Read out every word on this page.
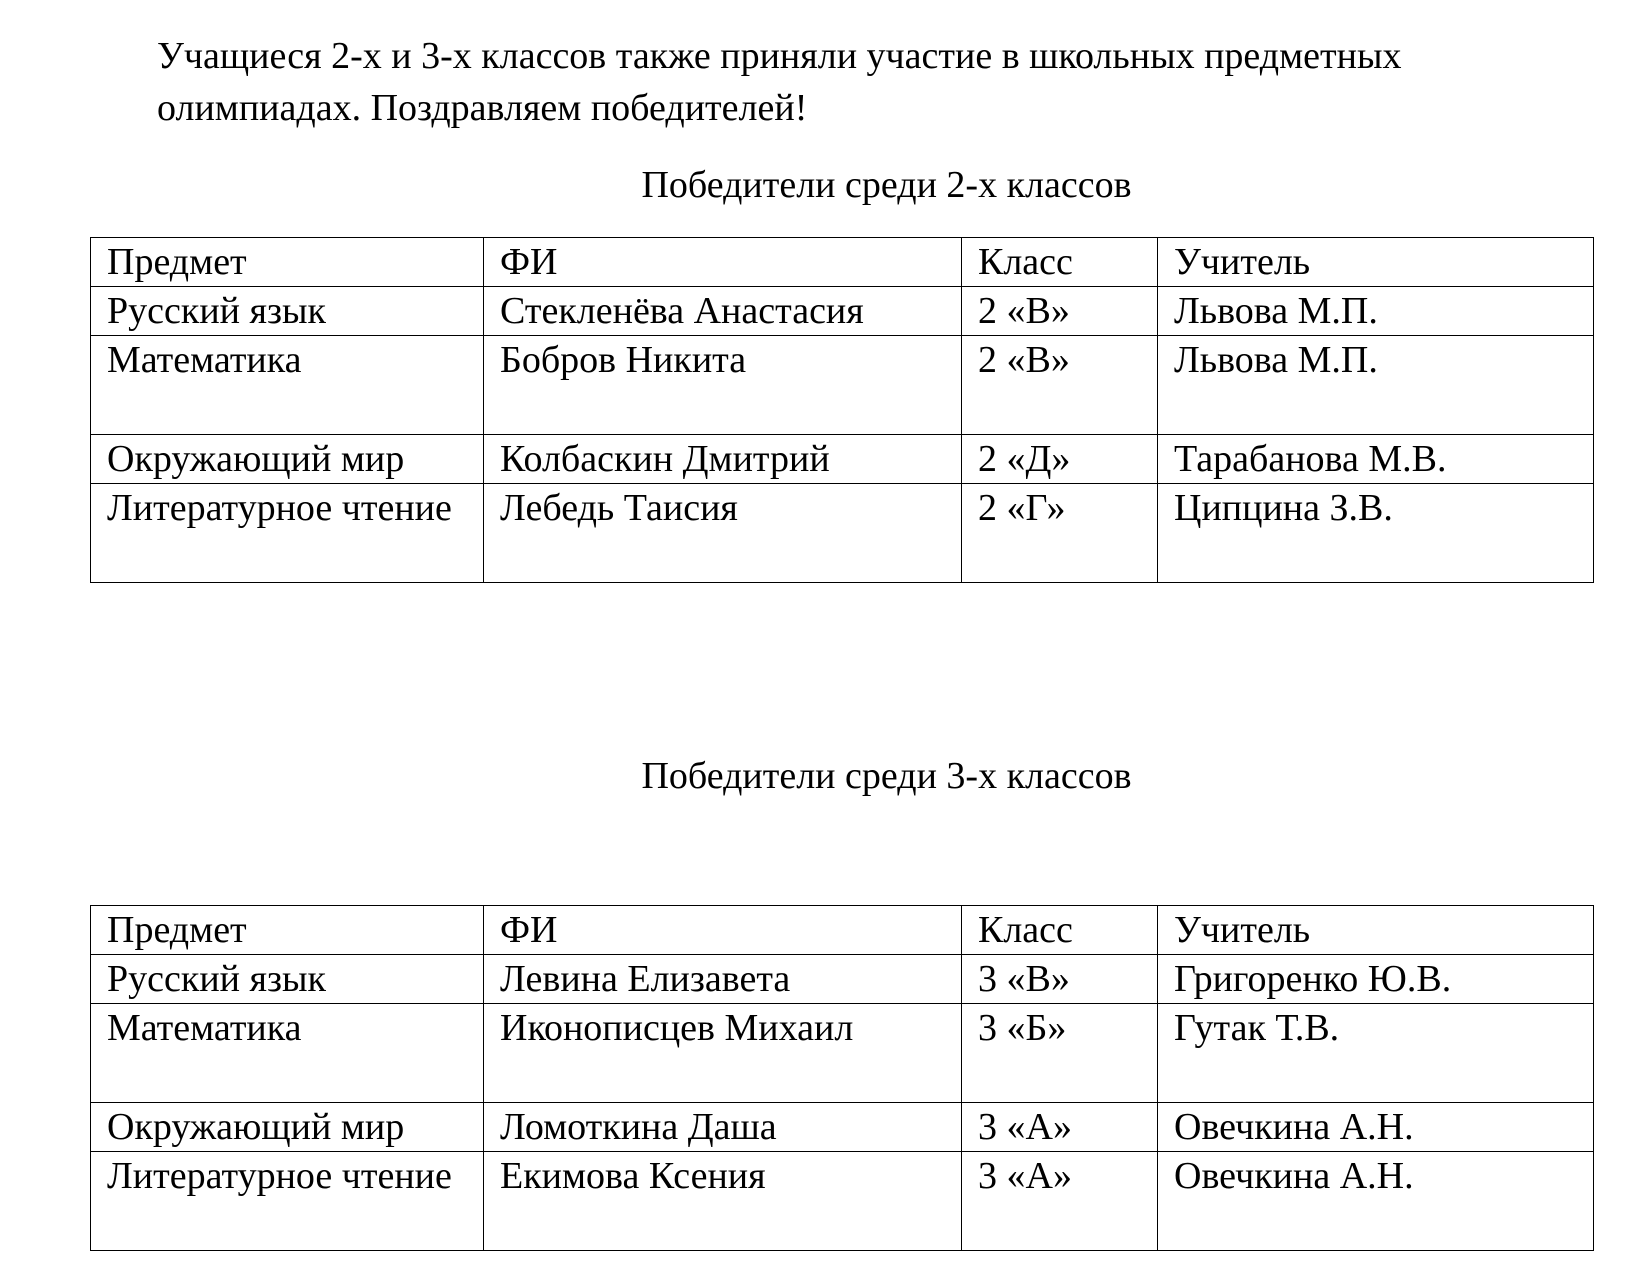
Учащиеся 2-х и 3-х классов также приняли участие в школьных предметных олимпиадах. Поздравляем победителей!

Победители среди 2-х классов

Предмет	ФИ	Класс	Учитель
Русский язык	Стекленёва Анастасия	2 «В»	Львова М.П.
Математика	Бобров Никита	2 «В»	Львова М.П.
Окружающий мир	Колбаскин Дмитрий	2 «Д»	Тарабанова М.В.
Литературное чтение	Лебедь Таисия	2 «Г»	Ципцина З.В.

Победители среди 3-х классов

Предмет	ФИ	Класс	Учитель
Русский язык	Левина Елизавета	3 «В»	Григоренко Ю.В.
Математика	Иконописцев Михаил	3 «Б»	Гутак Т.В.
Окружающий мир	Ломоткина Даша	3 «А»	Овечкина А.Н.
Литературное чтение	Екимова Ксения	3 «А»	Овечкина А.Н.
